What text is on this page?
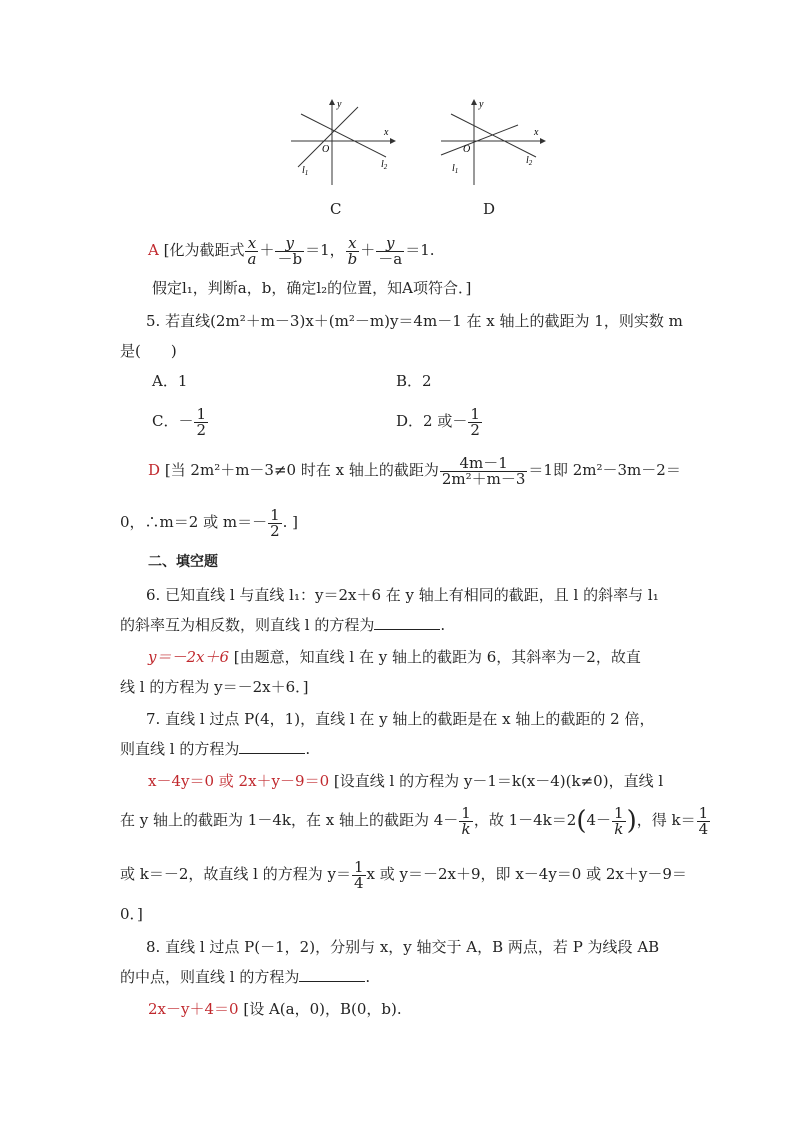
y
x
O
$l_1$
$l_2$
C
y
x
O
$l_1$
$l_2$
D
A [化为截距式 $\frac{x}{a} + \frac{y}{-b} =1$， $\frac{x}{b} + \frac{y}{-a} =1$.
假定l₁，判断a，b，确定l₂的位置，知A项符合．]
5. 若直线(2m²＋m－3)x＋(m²－m)y＝4m－1 在 x 轴上的截距为 1，则实数 m
是(　　)
A．1	B．2
C．－ $\frac{1}{2}$	D．2 或－ $\frac{1}{2}$
D [当 2m²＋m－3≠0 时在 x 轴上的截距为 $\frac{4m-1}{\text{2m²＋m－3}} =1$即 2m²－3m－2＝
0，∴m＝2 或 $m=- \frac{1}{2}$ . ]
二、填空题
6. 已知直线 l 与直线 l₁：y＝2x＋6 在 y 轴上有相同的截距，且 l 的斜率与 l₁
的斜率互为相反数，则直线 l 的方程为	.
y＝－2x＋6 [由题意，知直线 l 在 y 轴上的截距为 6，其斜率为－2，故直
线 l 的方程为 y＝－2x＋6．]
7. 直线 l 过点 P(4，1)，直线 l 在 y 轴上的截距是在 x 轴上的截距的 2 倍，
则直线 l 的方程为	.
x－4y＝0 或 2x＋y－9＝0 [设直线 l 的方程为 y－1＝k(x－4)(k≠0)，直线 l
在 y 轴上的截距为 1－4k，在 x 轴上的截距为 $4- \frac{1}{k}$ ，故 $1-4k=2(4- \frac{1}{k}$ )，得 $k= \frac{1}{4}$
或 k＝－2，故直线 l 的方程为 $y= \frac{1}{4}$ x 或 y＝－2x＋9，即 x－4y＝0 或 2x＋y－9＝
0．]
8. 直线 l 过点 P(－1，2)，分别与 x，y 轴交于 A，B 两点，若 P 为线段 AB
的中点，则直线 l 的方程为	.
2x－y＋4＝0 [设 A(a，0)，B(0，b).
